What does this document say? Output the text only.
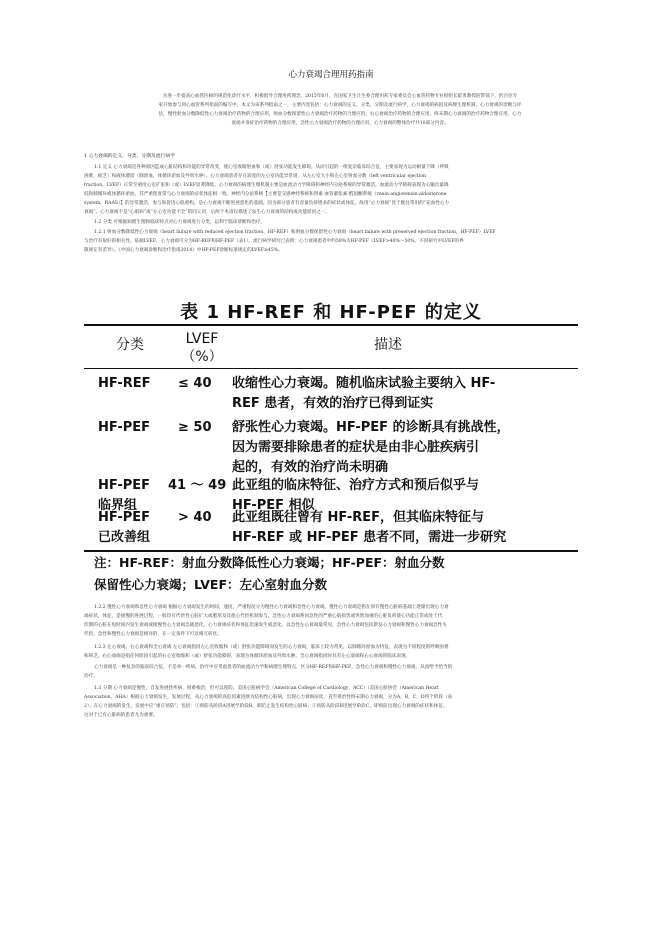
心力衰竭合理用药指南
为进一步提高心血管医师的规范化诊疗水平，积极倡导合理用药理念，2015年6月，在国家卫生计生委合理用药专家委员会心血管药物专业组组长霍勇教授的带领下，约百位专
家开始参与到心血管系列指南的编写中，本文为该系列指南之一，主要内容包括：心力衰竭的定义，分类，分期及流行病学，心力衰竭的病因及病理生理机制，心力衰竭的诊断与评
估，慢性射血分数降低性心力衰竭治疗药物的合理应用，射血分数保留性心力衰竭治疗药物的合理应用，右心衰竭治疗药物的合理应用，终末期心力衰竭的治疗药物合理应用，心力
衰竭并发症治疗药物的合理应用，急性心力衰竭治疗药物的合理应用，心力衰竭的整体治疗共10部分内容。
1 心力衰竭的定义，分类，分期及流行病学
1.1 定义 心力衰竭是各种原因造成心脏结构和功能的异常改变，使心室收缩射血和（或）舒张功能发生障碍，从而引起的一组复杂临床综合征，主要表现为运动耐量下降（呼吸
困难，疲乏）和液体潴留（肺淤血，体循环淤血及外周水肿）。心力衰竭患者存在较宽的左心室功能异常谱，从左心室大小和左心室射血分数（left ventricular ejection
fraction，LVEF）正常至重度心室扩张和（或）LVEF显著降低。心力衰竭的病理生理机制主要是血流动力学障碍和神经内分泌系统的异常激活。血流动力学障碍表现为心输出量降
低和肺循环或体循环淤血，其严重程度常与心力衰竭的症状体征相一致。神经内分泌系统【主要是交感神经系统和肾素-血管紧张素-醛固酮系统（renin-angiotensin-aldosterone
system，RAAS）】的异常激活，参与和促进心肌重构，是心力衰竭不断进展恶化的基础。因为部分患者有容量负荷增多的症状或体征，故用“心力衰竭”优于既往常用的“充血性心力
衰竭”。心力衰竭不是“心肌病”或“左心室功能不全”的同义词，后两个术语仅描述了发生心力衰竭的结构或功能原因之一。
1.2 分类 可根据病理生理和临床特点对心力衰竭进行分类，以利于临床诊断和治疗。
1.2.1 射血分数降低性心力衰竭（heart failure with reduced ejection fraction，HF-REF）和射血分数保留性心力衰竭（heart failure with preserved ejection fraction，HF-PEF）LVEF
与治疗有很好的相关性。依据LVEF，心力衰竭可分为HF-REF和HF-PEF（表1）。流行病学研究已表明：心力衰竭患者中约50%为HF-PEF（LVEF>40%～50%，不同研究中LVEF的界
限规定有差异）。《中国心力衰竭诊断和治疗指南2014》中HF-PEF诊断标准规定的LVEF≥45%。
表 1 HF-REF 和 HF-PEF 的定义
分类	LVEF
（%）
描述
HF-REF ≤ 40 收缩性心力衰竭。随机临床试验主要纳入 HF-
REF 患者，有效的治疗已得到证实
HF-PEF ≥ 50 舒张性心力衰竭。HF-PEF 的诊断具有挑战性，
因为需要排除患者的症状是由非心脏疾病引
起的，有效的治疗尚未明确
HF-PEF
临界组
41 ～ 49 此亚组的临床特征、治疗方式和预后似乎与
HF-PEF 相似
HF-PEF
已改善组
> 40 此亚组既往曾有 HF-REF，但其临床特征与
HF-REF 或 HF-PEF 患者不同，需进一步研究
注：HF-REF：射血分数降低性心力衰竭；HF-PEF：射血分数
保留性心力衰竭；LVEF：左心室射血分数
1.2.2 慢性心力衰竭和急性心力衰竭 根据心力衰竭发生的时间，速度，严重程度分为慢性心力衰竭和急性心力衰竭。慢性心力衰竭是指在原有慢性心脏病基础上逐渐出现心力衰
竭症状，体征，是缓慢的进展过程，一般均有代偿性心脏扩大或肥厚及其他心代偿机制参与。急性心力衰竭系因急性的严重心肌损害或突然加重的心脏负荷使心功能正常或处于代
偿期的心脏在短时间内发生衰竭或使慢性心力衰竭急剧恶化。心力衰竭症状和体征迅速发生或恶化，以急性左心衰竭最常见。急性心力衰竭包括新发心力衰竭和慢性心力衰竭急性失
代偿。急性和慢性心力衰竭是相对的，在一定条件下可以相互转化。
1.2.3 左心衰竭，右心衰竭和全心衰竭 左心衰竭指因左心室收缩和（或）舒张功能障碍而发生的心力衰竭，临床上较为常见，以肺循环淤血为特征，表现为不同程度的呼吸困难
和咳乏。右心衰竭是指任何原因引起的右心室收缩和（或）舒张功能障碍，表现为体循环淤血及外周水肿。全心衰竭指同时具有左心衰竭和右心衰竭的临床表现。
心力衰竭是一种复杂的临床综合征，不是单一疾病，治疗中应考虑患者的血流动力学和病理生理特点，区分HF-REF和HF-PEF，急性心力衰竭和慢性心力衰竭，从而给予恰当的
治疗。
1.3 分期 心力衰竭是慢性，自发进展性疾病，很难根治，但可以预防。美国心脏病学会（American College of Cardiology，ACC）/美国心脏协会（American Heart
Association，AHA）根据心力衰竭发生，发展过程，从心力衰竭的高危因素进展为结构性心脏病，出现心力衰竭症状，直至难治性终末期心力衰竭，分为A，B，C，D四个阶段（表
2），在心力衰竭的发生，发展中应“重在预防”，包括：①预防从阶段A进展至阶段B，即防止发生结构性心脏病；②预防从阶段B进展至阶段C，即预防出现心力衰竭的症状和体征。
这对于已有心脏病的患者尤为重要。
